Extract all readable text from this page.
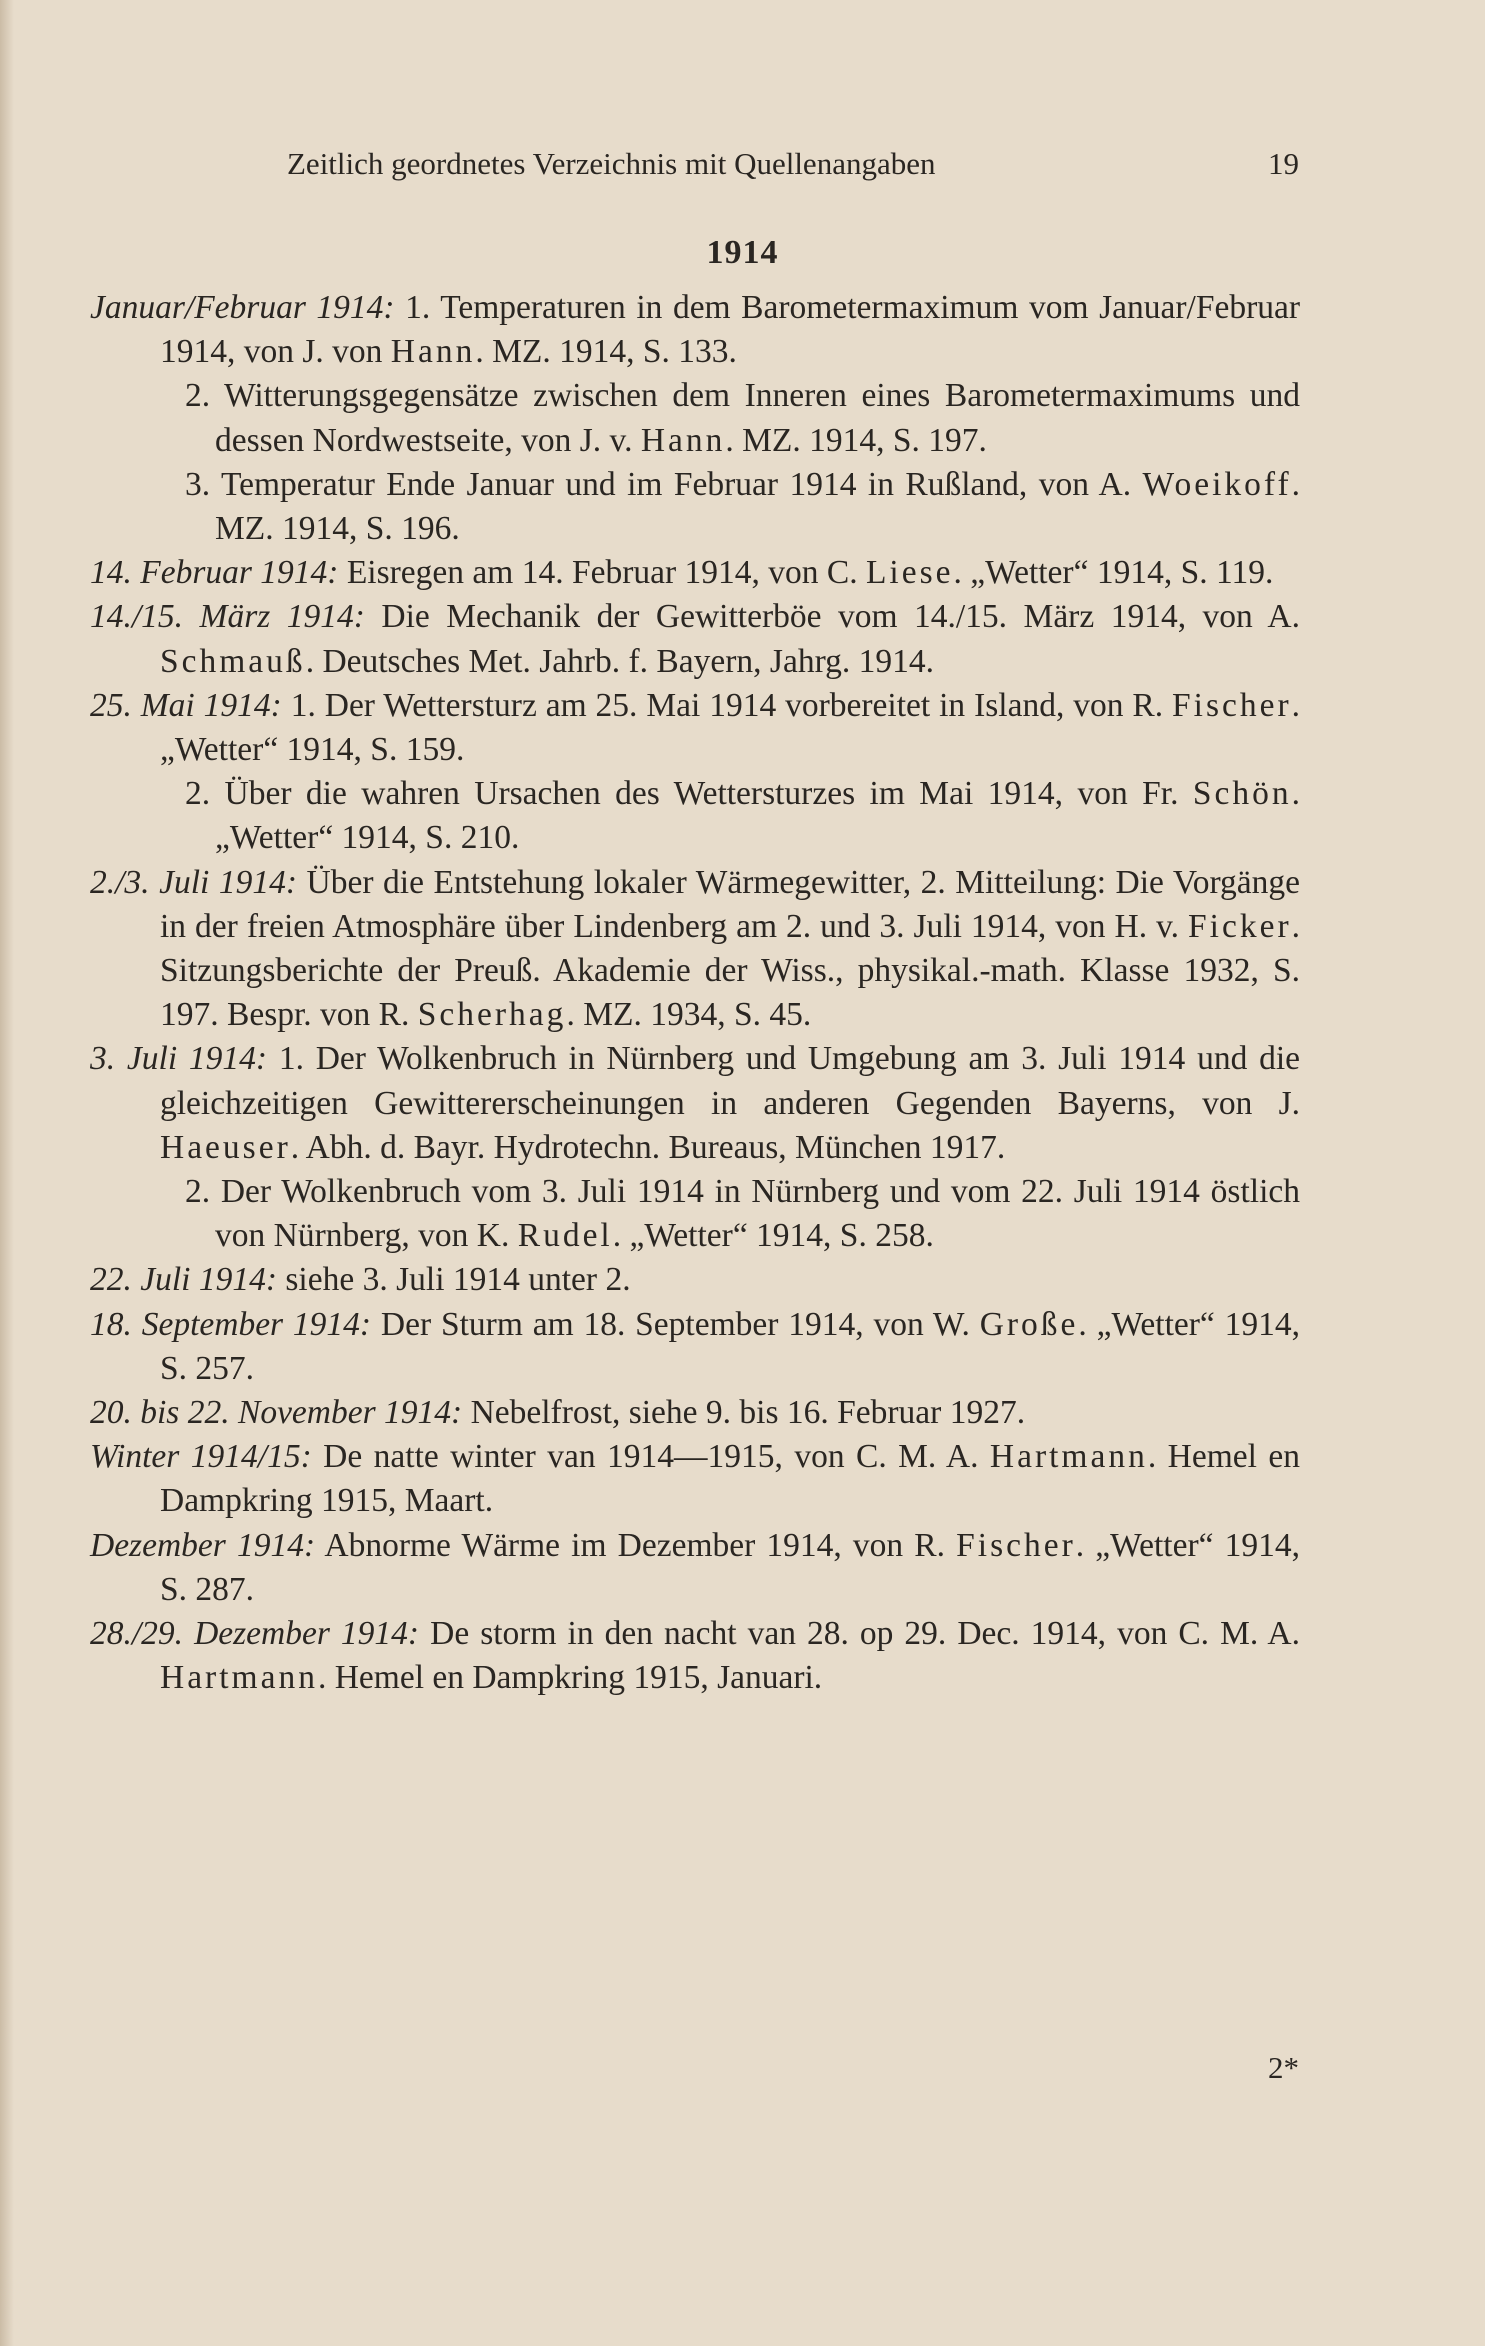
Zeitlich geordnetes Verzeichnis mit Quellenangaben	19
1914
Januar/Februar 1914: 1. Temperaturen in dem Barometermaximum vom Januar/Februar 1914, von J. von Hann. MZ. 1914, S. 133.
2. Witterungsgegensätze zwischen dem Inneren eines Barometermaximums und dessen Nordwestseite, von J. v. Hann. MZ. 1914, S. 197.
3. Temperatur Ende Januar und im Februar 1914 in Rußland, von A. Woeikoff. MZ. 1914, S. 196.
14. Februar 1914: Eisregen am 14. Februar 1914, von C. Liese. „Wetter“ 1914, S. 119.
14./15. März 1914: Die Mechanik der Gewitterböe vom 14./15. März 1914, von A. Schmauß. Deutsches Met. Jahrb. f. Bayern, Jahrg. 1914.
25. Mai 1914: 1. Der Wettersturz am 25. Mai 1914 vorbereitet in Island, von R. Fischer. „Wetter“ 1914, S. 159.
2. Über die wahren Ursachen des Wettersturzes im Mai 1914, von Fr. Schön. „Wetter“ 1914, S. 210.
2./3. Juli 1914: Über die Entstehung lokaler Wärmegewitter, 2. Mitteilung: Die Vorgänge in der freien Atmosphäre über Lindenberg am 2. und 3. Juli 1914, von H. v. Ficker. Sitzungsberichte der Preuß. Akademie der Wiss., physikal.-math. Klasse 1932, S. 197. Bespr. von R. Scherhag. MZ. 1934, S. 45.
3. Juli 1914: 1. Der Wolkenbruch in Nürnberg und Umgebung am 3. Juli 1914 und die gleichzeitigen Gewittererscheinungen in anderen Gegenden Bayerns, von J. Haeuser. Abh. d. Bayr. Hydrotechn. Bureaus, München 1917.
2. Der Wolkenbruch vom 3. Juli 1914 in Nürnberg und vom 22. Juli 1914 östlich von Nürnberg, von K. Rudel. „Wetter“ 1914, S. 258.
22. Juli 1914: siehe 3. Juli 1914 unter 2.
18. September 1914: Der Sturm am 18. September 1914, von W. Große. „Wetter“ 1914, S. 257.
20. bis 22. November 1914: Nebelfrost, siehe 9. bis 16. Februar 1927.
Winter 1914/15: De natte winter van 1914—1915, von C. M. A. Hartmann. Hemel en Dampkring 1915, Maart.
Dezember 1914: Abnorme Wärme im Dezember 1914, von R. Fischer. „Wetter“ 1914, S. 287.
28./29. Dezember 1914: De storm in den nacht van 28. op 29. Dec. 1914, von C. M. A. Hartmann. Hemel en Dampkring 1915, Januari.
2*
